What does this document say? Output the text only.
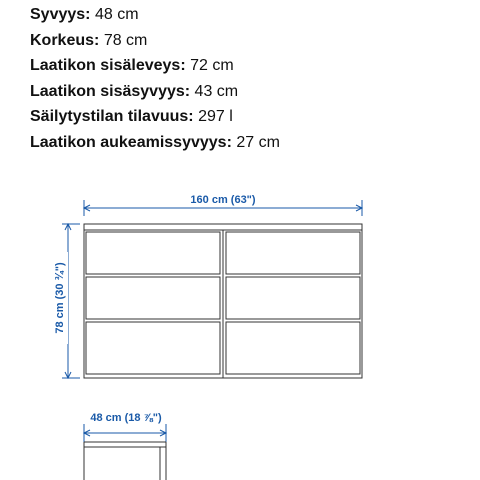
Syvyys: 48 cm
Korkeus: 78 cm
Laatikon sisäleveys: 72 cm
Laatikon sisäsyvyys: 43 cm
Säilytystilan tilavuus: 297 l
Laatikon aukeamissyvyys: 27 cm
160 cm (63")
78 cm (30 ¾")
48 cm (18 ⅞")
